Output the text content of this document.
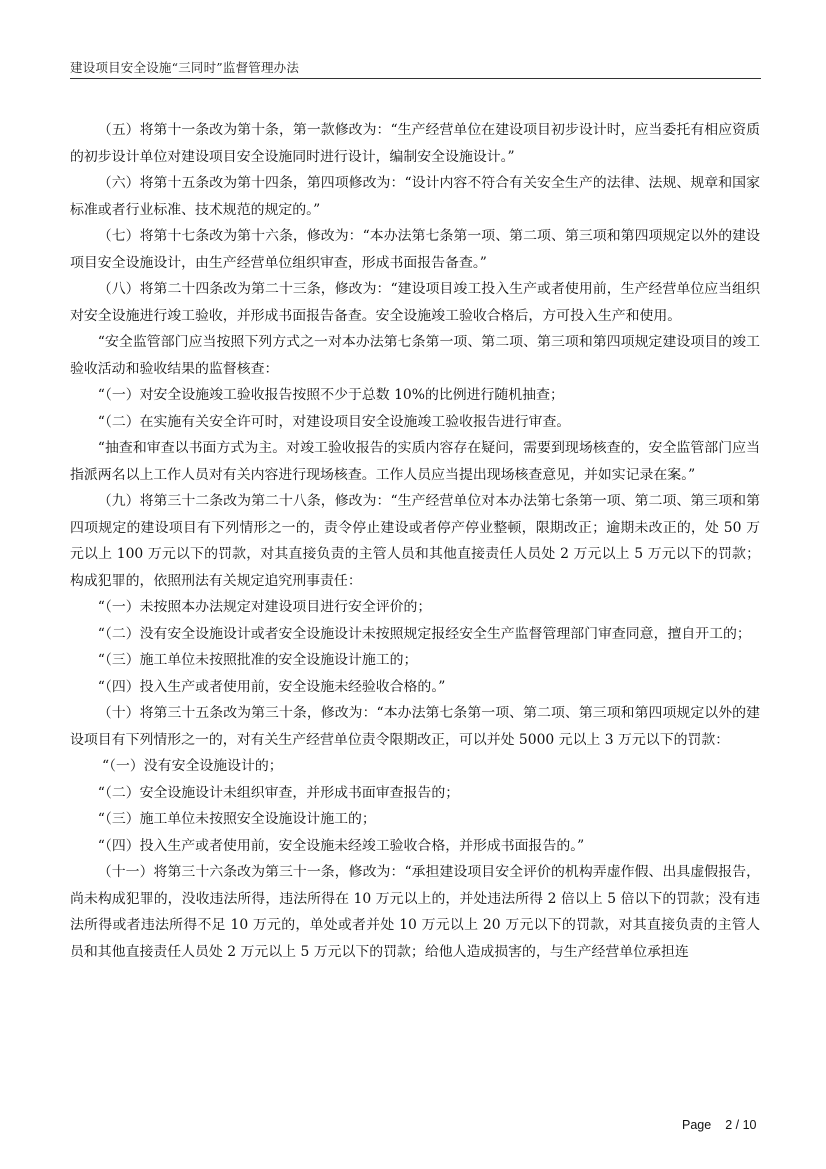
建设项目安全设施“三同时”监督管理办法

（五）将第十一条改为第十条，第一款修改为：“生产经营单位在建设项目初步设计时，应当委托有相应资质的初步设计单位对建设项目安全设施同时进行设计，编制安全设施设计。”

（六）将第十五条改为第十四条，第四项修改为：“设计内容不符合有关安全生产的法律、法规、规章和国家标准或者行业标准、技术规范的规定的。”

（七）将第十七条改为第十六条，修改为：“本办法第七条第一项、第二项、第三项和第四项规定以外的建设项目安全设施设计，由生产经营单位组织审查，形成书面报告备查。”

（八）将第二十四条改为第二十三条，修改为：“建设项目竣工投入生产或者使用前，生产经营单位应当组织对安全设施进行竣工验收，并形成书面报告备查。安全设施竣工验收合格后，方可投入生产和使用。

“安全监管部门应当按照下列方式之一对本办法第七条第一项、第二项、第三项和第四项规定建设项目的竣工验收活动和验收结果的监督核查：

“（一）对安全设施竣工验收报告按照不少于总数 10%的比例进行随机抽查；

“（二）在实施有关安全许可时，对建设项目安全设施竣工验收报告进行审查。

“抽查和审查以书面方式为主。对竣工验收报告的实质内容存在疑问，需要到现场核查的，安全监管部门应当指派两名以上工作人员对有关内容进行现场核查。工作人员应当提出现场核查意见，并如实记录在案。”

（九）将第三十二条改为第二十八条，修改为：“生产经营单位对本办法第七条第一项、第二项、第三项和第四项规定的建设项目有下列情形之一的，责令停止建设或者停产停业整顿，限期改正；逾期未改正的，处 50 万元以上 100 万元以下的罚款，对其直接负责的主管人员和其他直接责任人员处 2 万元以上 5 万元以下的罚款；构成犯罪的，依照刑法有关规定追究刑事责任：

“（一）未按照本办法规定对建设项目进行安全评价的；

“（二）没有安全设施设计或者安全设施设计未按照规定报经安全生产监督管理部门审查同意，擅自开工的；

“（三）施工单位未按照批准的安全设施设计施工的；

“（四）投入生产或者使用前，安全设施未经验收合格的。”

（十）将第三十五条改为第三十条，修改为：“本办法第七条第一项、第二项、第三项和第四项规定以外的建设项目有下列情形之一的，对有关生产经营单位责令限期改正，可以并处 5000 元以上 3 万元以下的罚款：

“（一）没有安全设施设计的；

“（二）安全设施设计未组织审查，并形成书面审查报告的；

“（三）施工单位未按照安全设施设计施工的；

“（四）投入生产或者使用前，安全设施未经竣工验收合格，并形成书面报告的。”

（十一）将第三十六条改为第三十一条，修改为：“承担建设项目安全评价的机构弄虚作假、出具虚假报告，尚未构成犯罪的，没收违法所得，违法所得在 10 万元以上的，并处违法所得 2 倍以上 5 倍以下的罚款；没有违法所得或者违法所得不足 10 万元的，单处或者并处 10 万元以上 20 万元以下的罚款，对其直接负责的主管人员和其他直接责任人员处 2 万元以上 5 万元以下的罚款；给他人造成损害的，与生产经营单位承担连

Page 2 / 10
